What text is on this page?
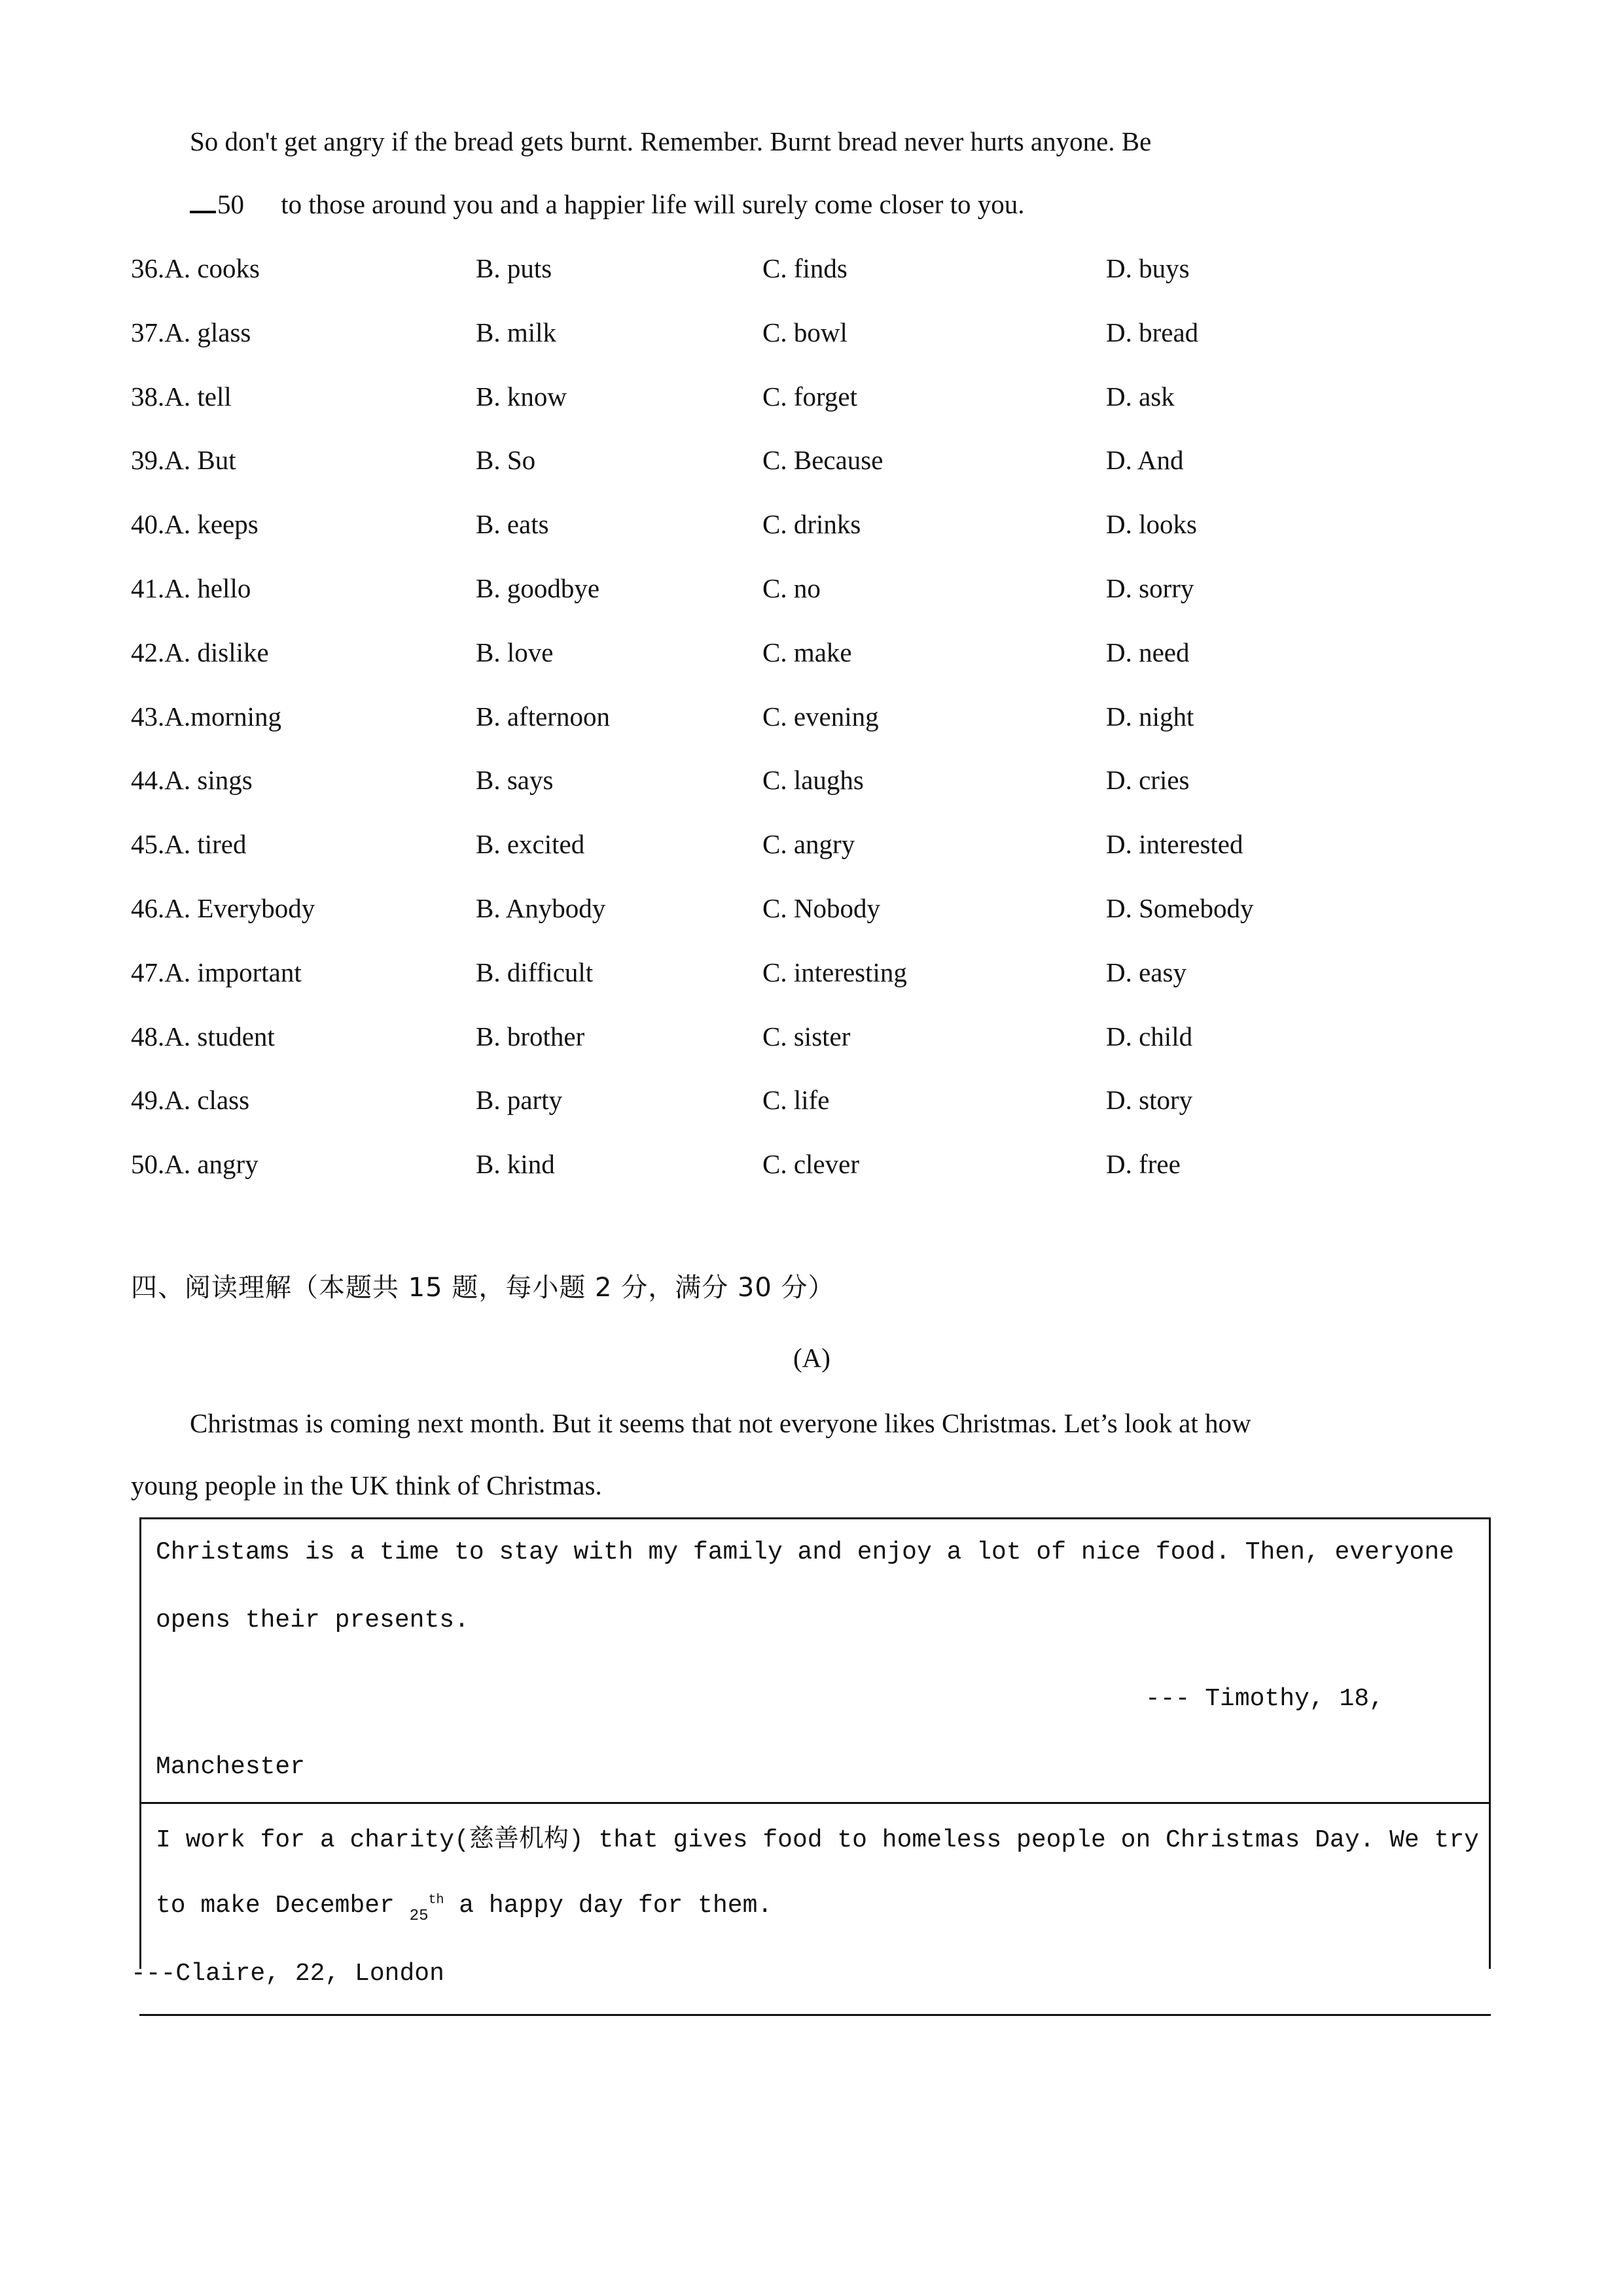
So don't get angry if the bread gets burnt. Remember. Burnt bread never hurts anyone. Be
50 to those around you and a happier life will surely come closer to you.
36.A. cooks	B. puts	C. finds	D. buys
37.A. glass	B. milk	C. bowl	D. bread
38.A. tell	B. know	C. forget	D. ask
39.A. But	B. So	C. Because	D. And
40.A. keeps	B. eats	C. drinks	D. looks
41.A. hello	B. goodbye	C. no	D. sorry
42.A. dislike	B. love	C. make	D. need
43.A.morning	B. afternoon	C. evening	D. night
44.A. sings	B. says	C. laughs	D. cries
45.A. tired	B. excited	C. angry	D. interested
46.A. Everybody	B. Anybody	C. Nobody	D. Somebody
47.A. important	B. difficult	C. interesting	D. easy
48.A. student	B. brother	C. sister	D. child
49.A. class	B. party	C. life	D. story
50.A. angry	B. kind	C. clever	D. free
四、阅读理解（本题共 15 题，每小题 2 分，满分 30 分）
(A)
Christmas is coming next month. But it seems that not everyone likes Christmas. Let’s look at how
young people in the UK think of Christmas.
Christams is a time to stay with my family and enjoy a lot of nice food. Then, everyone
opens their presents.
--- Timothy, 18,
Manchester
I work for a charity(慈善机构) that gives food to homeless people on Christmas Day. We try
to make December $_{25}^{th}$ a happy day for them.
---Claire, 22, London
